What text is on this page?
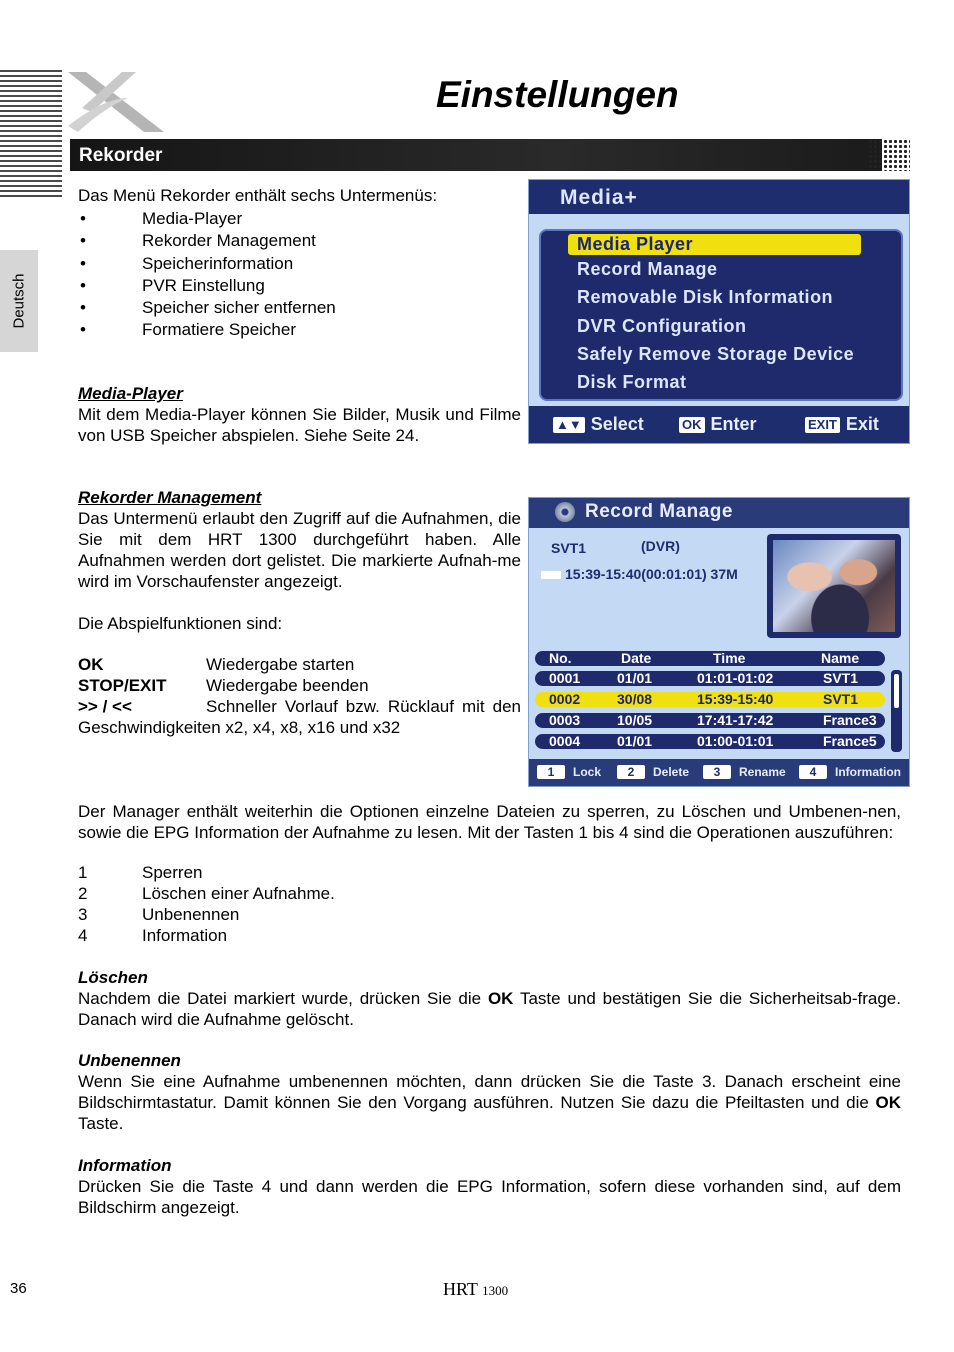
Einstellungen
Deutsch
Rekorder
Das Menü Rekorder enthält sechs Untermenüs:
•	Media-Player
•	Rekorder Management
•	Speicherinformation
•	PVR Einstellung
•	Speicher sicher entfernen
•	Formatiere Speicher
Media-Player
Mit dem Media-Player können Sie Bilder, Musik und Filme von USB Speicher abspielen. Siehe Seite 24.
Rekorder Management
Das Untermenü erlaubt den Zugriff auf die Aufnahmen, die Sie mit dem HRT 1300 durchgeführt haben. Alle Aufnahmen werden dort gelistet. Die markierte Aufnah-me wird im Vorschaufenster angezeigt.
Die Abspielfunktionen sind:
OK	Wiedergabe starten
STOP/EXIT Wiedergabe beenden
>> / <<	Schneller Vorlauf bzw. Rücklauf mit den Geschwindigkeiten x2, x4, x8, x16 und x32
Media+
Media Player
Record Manage
Removable Disk Information
DVR Configuration
Safely Remove Storage Device
Disk Format
▲▼ Select	OK Enter	EXIT Exit
Record Manage
SVT1	(DVR)
15:39-15:40(00:01:01) 37M
No.	Date	Time	Name
0001	01/01	01:01-01:02	SVT1
0002	30/08	15:39-15:40	SVT1
0003	10/05	17:41-17:42	France3
0004	01/01	01:00-01:01	France5
1 Lock	2 Delete	3 Rename	4 Information
Der Manager enthält weiterhin die Optionen einzelne Dateien zu sperren, zu Löschen und Umbenen-nen, sowie die EPG Information der Aufnahme zu lesen. Mit der Tasten 1 bis 4 sind die Operationen auszuführen:
1	Sperren
2	Löschen einer Aufnahme.
3	Unbenennen
4	Information
Löschen
Nachdem die Datei markiert wurde, drücken Sie die OK Taste und bestätigen Sie die Sicherheitsab-frage. Danach wird die Aufnahme gelöscht.
Unbenennen
Wenn Sie eine Aufnahme umbenennen möchten, dann drücken Sie die Taste 3. Danach erscheint eine Bildschirmtastatur. Damit können Sie den Vorgang ausführen. Nutzen Sie dazu die Pfeiltasten und die OK Taste.
Information
Drücken Sie die Taste 4 und dann werden die EPG Information, sofern diese vorhanden sind, auf dem Bildschirm angezeigt.
36	HRT 1300
